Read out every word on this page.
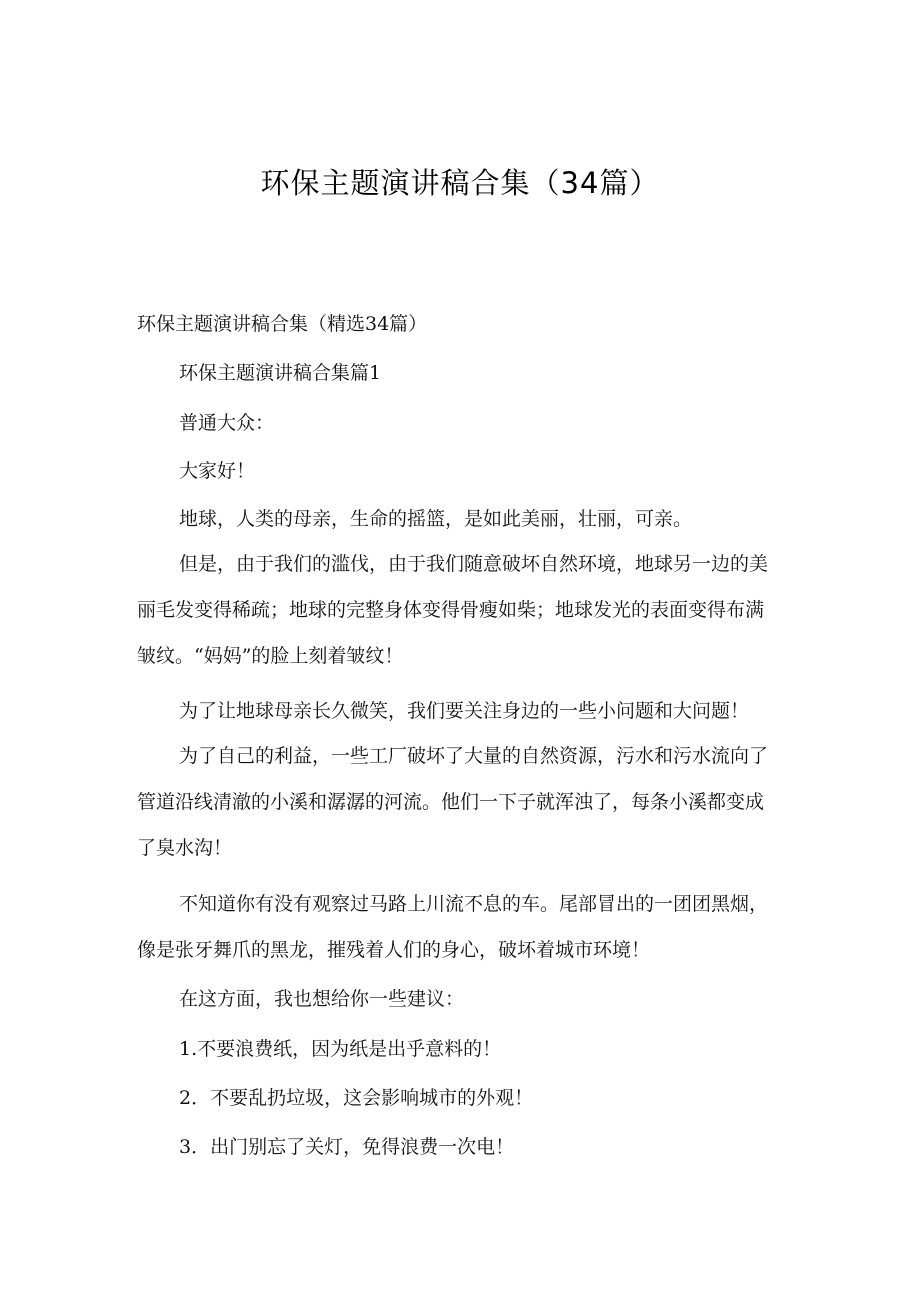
环保主题演讲稿合集（34篇）
环保主题演讲稿合集（精选34篇）
环保主题演讲稿合集篇1
普通大众：
大家好！
地球，人类的母亲，生命的摇篮，是如此美丽，壮丽，可亲。
但是，由于我们的滥伐，由于我们随意破坏自然环境，地球另一边的美
丽毛发变得稀疏；地球的完整身体变得骨瘦如柴；地球发光的表面变得布满
皱纹。“妈妈”的脸上刻着皱纹！
为了让地球母亲长久微笑，我们要关注身边的一些小问题和大问题！
为了自己的利益，一些工厂破坏了大量的自然资源，污水和污水流向了
管道沿线清澈的小溪和潺潺的河流。他们一下子就浑浊了，每条小溪都变成
了臭水沟！
不知道你有没有观察过马路上川流不息的车。尾部冒出的一团团黑烟，
像是张牙舞爪的黑龙，摧残着人们的身心，破坏着城市环境！
在这方面，我也想给你一些建议：
1.不要浪费纸，因为纸是出乎意料的！
2．不要乱扔垃圾，这会影响城市的外观！
3．出门别忘了关灯，免得浪费一次电！
